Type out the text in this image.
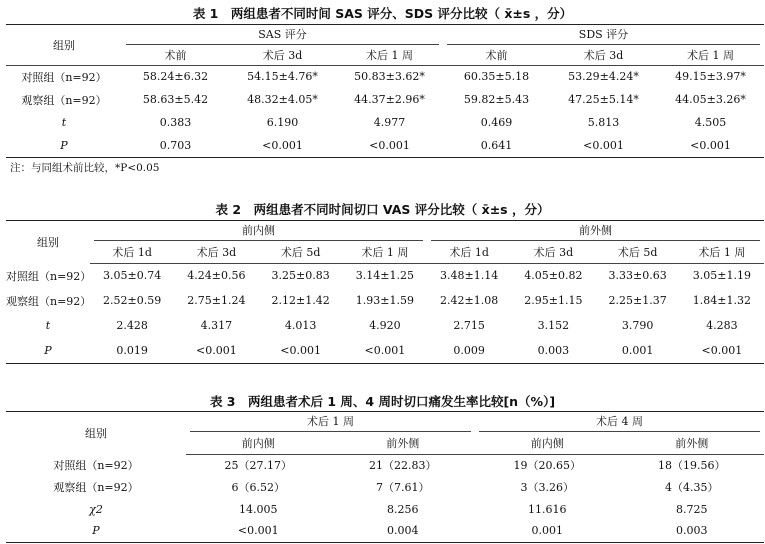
表 1　两组患者不同时间 SAS 评分、SDS 评分比较（ x̄±s ，分）
组别	SAS 评分			SDS 评分		

	术前	术后 3d	术后 1 周	术前	术后 3d	术后 1 周
对照组（n=92）	58.24±6.32	54.15±4.76*	50.83±3.62*	60.35±5.18	53.29±4.24*	49.15±3.97*
观察组（n=92）	58.63±5.42	48.32±4.05*	44.37±2.96*	59.82±5.43	47.25±5.14*	44.05±3.26*
t	0.383	6.190	4.977	0.469	5.813	4.505
P	0.703	<0.001	<0.001	0.641	<0.001	<0.001
注：与同组术前比较，*P<0.05
表 2　两组患者不同时间切口 VAS 评分比较（ x̄±s ，分）
组别	前内侧				前外侧			

	术后 1d	术后 3d	术后 5d	术后 1 周	术后 1d	术后 3d	术后 5d	术后 1 周
对照组（n=92）	3.05±0.74	4.24±0.56	3.25±0.83	3.14±1.25	3.48±1.14	4.05±0.82	3.33±0.63	3.05±1.19
观察组（n=92）	2.52±0.59	2.75±1.24	2.12±1.42	1.93±1.59	2.42±1.08	2.95±1.15	2.25±1.37	1.84±1.32
t	2.428	4.317	4.013	4.920	2.715	3.152	3.790	4.283
P	0.019	<0.001	<0.001	<0.001	0.009	0.003	0.001	<0.001
表 3　两组患者术后 1 周、4 周时切口痛发生率比较[n（%）]
组别	术后 1 周		术后 4 周	

	前内侧	前外侧	前内侧	前外侧
对照组（n=92）	25（27.17）	21（22.83）	19（20.65）	18（19.56）
观察组（n=92）	6（6.52）	7（7.61）	3（3.26）	4（4.35）
χ2	14.005	8.256	11.616	8.725
P	<0.001	0.004	0.001	0.003
